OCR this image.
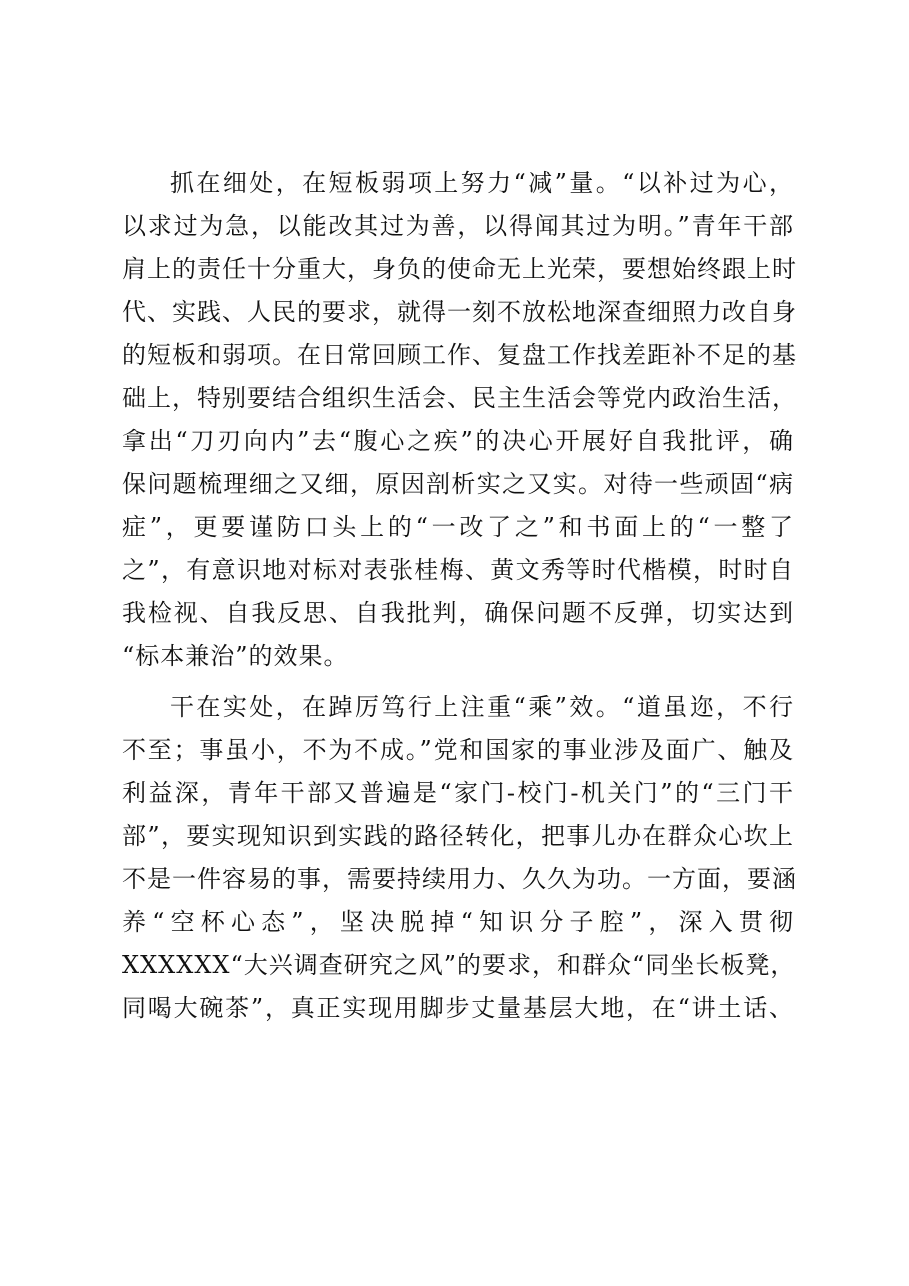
抓在细处，在短板弱项上努力“减”量。“以补过为心，
以求过为急，以能改其过为善，以得闻其过为明。”青年干部
肩上的责任十分重大，身负的使命无上光荣，要想始终跟上时
代、实践、人民的要求，就得一刻不放松地深查细照力改自身
的短板和弱项。在日常回顾工作、复盘工作找差距补不足的基
础上，特别要结合组织生活会、民主生活会等党内政治生活，
拿出“刀刃向内”去“腹心之疾”的决心开展好自我批评，确
保问题梳理细之又细，原因剖析实之又实。对待一些顽固“病
症”，更要谨防口头上的“一改了之”和书面上的“一整了
之”，有意识地对标对表张桂梅、黄文秀等时代楷模，时时自
我检视、自我反思、自我批判，确保问题不反弹，切实达到
“标本兼治”的效果。

干在实处，在踔厉笃行上注重“乘”效。“道虽迩，不行
不至；事虽小，不为不成。”党和国家的事业涉及面广、触及
利益深，青年干部又普遍是“家门-校门-机关门”的“三门干
部”，要实现知识到实践的路径转化，把事儿办在群众心坎上
不是一件容易的事，需要持续用力、久久为功。一方面，要涵
养“空杯心态”，坚决脱掉“知识分子腔”，深入贯彻
XXXXXX“大兴调查研究之风”的要求，和群众“同坐长板凳，
同喝大碗茶”，真正实现用脚步丈量基层大地，在“讲土话、
